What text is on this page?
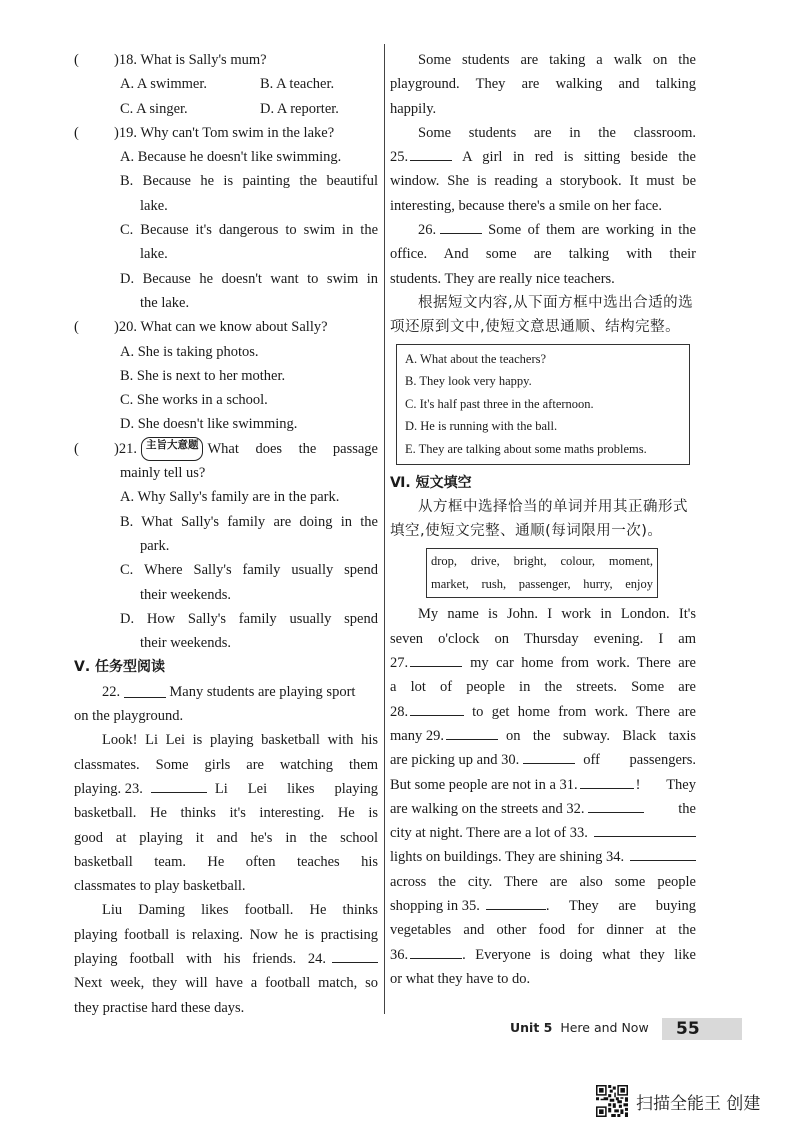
( )18. What is Sally's mum?
A. A swimmer.	B. A teacher.
C. A singer.	D. A reporter.
( )19. Why can't Tom swim in the lake?
A. Because he doesn't like swimming.
B. Because he is painting the beautiful
lake.
C. Because it's dangerous to swim in the
lake.
D. Because he doesn't want to swim in
the lake.
( )20. What can we know about Sally?
A. She is taking photos.
B. She is next to her mother.
C. She works in a school.
D. She doesn't like swimming.
(	)21. 主旨大意题 What does the passage
mainly tell us?
A. Why Sally's family are in the park.
B. What Sally's family are doing in the
park.
C. Where Sally's family usually spend
their weekends.
D. How Sally's family usually spend
their weekends.
Ⅴ. 任务型阅读
22.	Many students are playing sport
on the playground.
Look! Li Lei is playing basketball with his
classmates. Some girls are watching them
playing. 23.	Li Lei likes playing
basketball. He thinks it's interesting. He is
good at playing it and he's in the school
basketball team. He often teaches his
classmates to play basketball.
Liu Daming likes football. He thinks
playing football is relaxing. Now he is practising
playing football with his friends. 24.
Next week, they will have a football match, so
they practise hard these days.
Some students are taking a walk on the
playground. They are walking and talking
happily.
Some students are in the classroom.
25.	A girl in red is sitting beside the
window. She is reading a storybook. It must be
interesting, because there's a smile on her face.
26.	Some of them are working in the
office. And some are talking with their
students. They are really nice teachers.
根据短文内容,从下面方框中选出合适的选
项还原到文中,使短文意思通顺、结构完整。
A. What about the teachers?
B. They look very happy.
C. It's half past three in the afternoon.
D. He is running with the ball.
E. They are talking about some maths problems.
Ⅵ. 短文填空
从方框中选择恰当的单词并用其正确形式
填空,使短文完整、通顺(每词限用一次)。
drop, drive, bright, colour, moment,
market, rush, passenger, hurry, enjoy
My name is John. I work in London. It's
seven o'clock on Thursday evening. I am
27.	my car home from work. There are
a lot of people in the streets. Some are
28.	to get home from work. There are
many 29.	on the subway. Black taxis
are picking up and 30.	off passengers.
But some people are not in a 31.	! They
are walking on the streets and 32.	the
city at night. There are a lot of 33.
lights on buildings. They are shining 34.
across the city. There are also some people
shopping in 35.	. They are buying
vegetables and other food for dinner at the
36.	. Everyone is doing what they like
or what they have to do.
Unit 5 Here and Now 55
扫描全能王 创建
